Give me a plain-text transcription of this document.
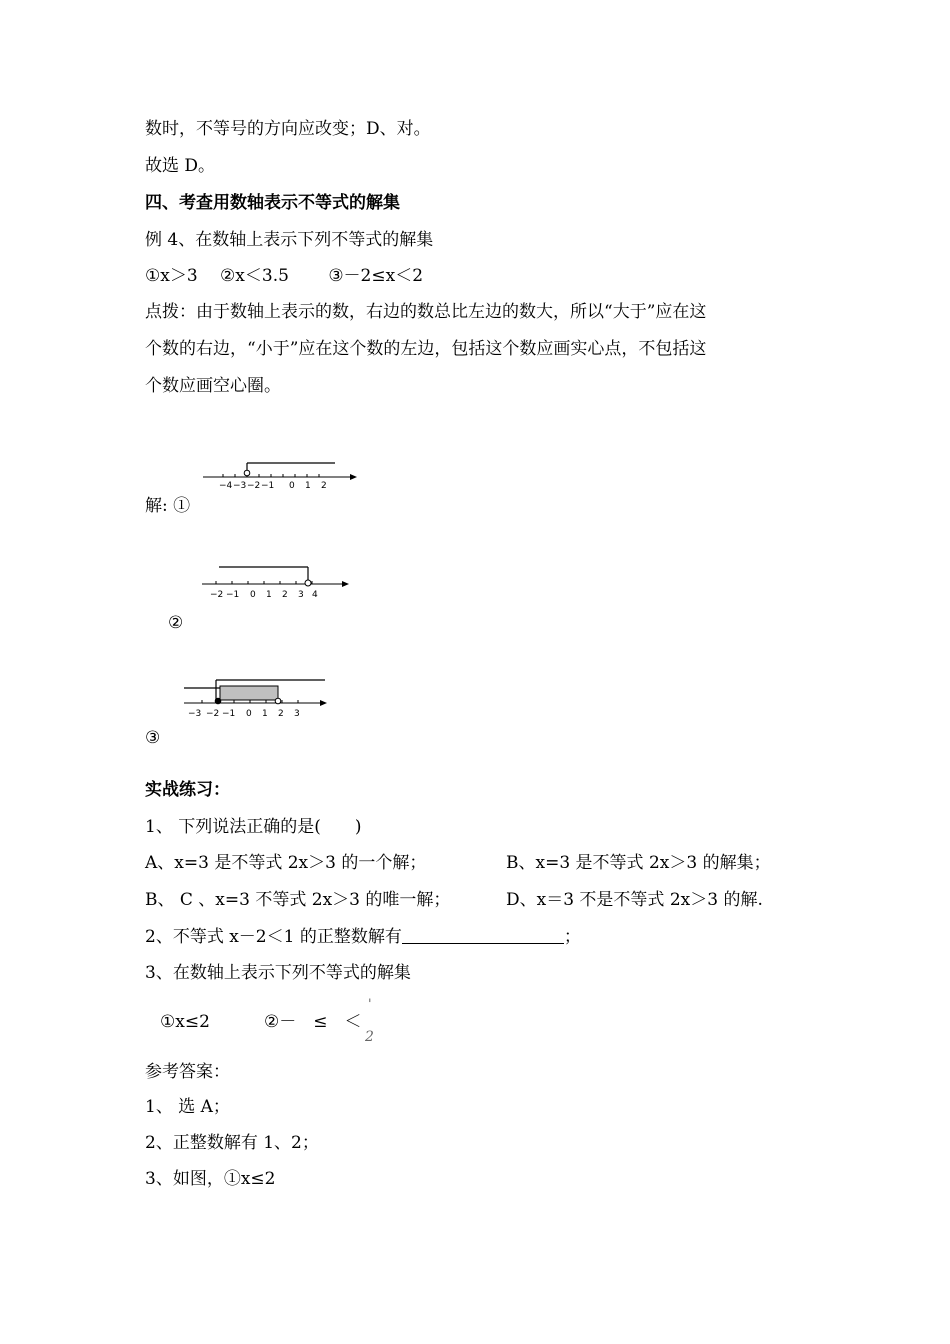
数时，不等号的方向应改变；D、对。
故选 D。
四、考查用数轴表示不等式的解集
例 4、在数轴上表示下列不等式的解集
①x＞3　 ②x＜3.5　　 ③－2≤x＜2
点拨：由于数轴上表示的数，右边的数总比左边的数大，所以“大于”应在这
个数的右边，“小于”应在这个数的左边，包括这个数应画实心点，不包括这
个数应画空心圈。
−4 −3 −2 −1 0 1 2
解: ①
−2 −1 0 1 2 3 4
②
−3 −2 −1 0 1 2 3
③
实战练习：
1、 下列说法正确的是(　　)
A、x=3 是不等式 2x＞3 的一个解；	B、x=3 是不等式 2x＞3 的解集；
B、 C 、x=3 不等式 2x＞3 的唯一解；	D、x＝3 不是不等式 2x＞3 的解.
2、不等式 x－2＜1 的正整数解有	；
3、在数轴上表示下列不等式的解集
①x≤2	②－　≤　＜
'
2
参考答案：
1、 选 A；
2、正整数解有 1、2；
3、如图，①x≤2
